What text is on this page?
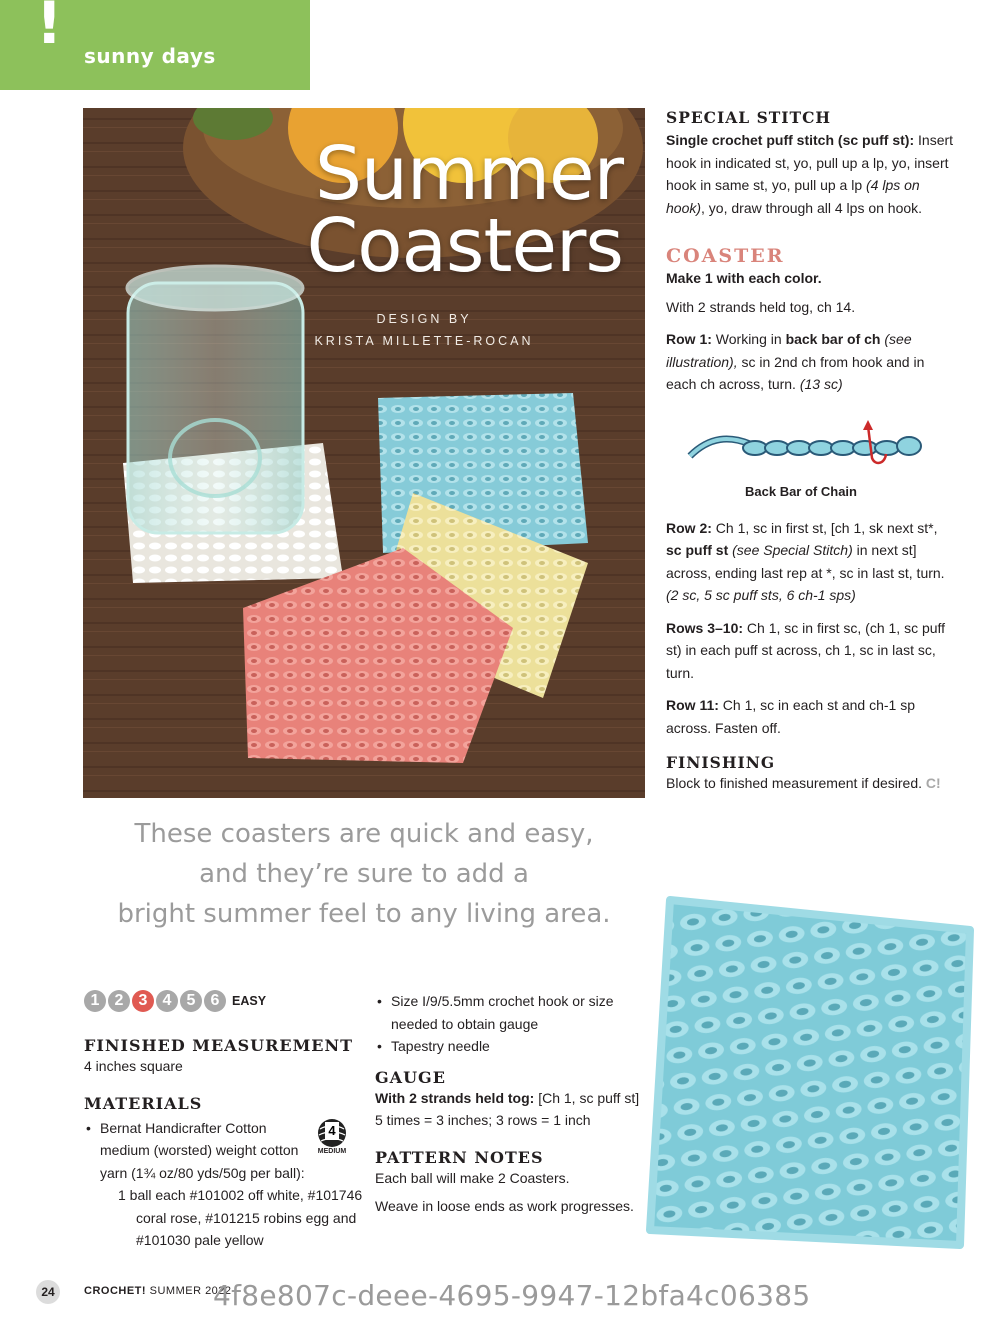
! sunny days
Summer
Coasters
DESIGN BY
KRISTA MILLETTE-ROCAN
These coasters are quick and easy,
and they’re sure to add a
bright summer feel to any living area.
SPECIAL STITCH
Single crochet puff stitch (sc puff st): Insert hook in indicated st, yo, pull up a lp, yo, insert hook in same st, yo, pull up a lp (4 lps on hook), yo, draw through all 4 lps on hook.
COASTER
Make 1 with each color.
With 2 strands held tog, ch 14.
Row 1: Working in back bar of ch (see illustration), sc in 2nd ch from hook and in each ch across, turn. (13 sc)
Back Bar of Chain
Row 2: Ch 1, sc in first st, [ch 1, sk next st*, sc puff st (see Special Stitch) in next st] across, ending last rep at *, sc in last st, turn. (2 sc, 5 sc puff sts, 6 ch-1 sps)
Rows 3–10: Ch 1, sc in first sc, (ch 1, sc puff st) in each puff st across, ch 1, sc in last sc, turn.
Row 11: Ch 1, sc in each st and ch-1 sp across. Fasten off.
FINISHING
Block to finished measurement if desired. C!
1 2 3 4 5 6 EASY
FINISHED MEASUREMENT
4 inches square
MATERIALS
• Bernat Handicrafter Cotton medium (worsted) weight cotton yarn (1¾ oz/80 yds/50g per ball):
1 ball each #101002 off white, #101746 coral rose, #101215 robins egg and #101030 pale yellow
4
MEDIUM
• Size I/9/5.5mm crochet hook or size needed to obtain gauge
• Tapestry needle
GAUGE
With 2 strands held tog: [Ch 1, sc puff st] 5 times = 3 inches; 3 rows = 1 inch
PATTERN NOTES
Each ball will make 2 Coasters.
Weave in loose ends as work progresses.
24	CROCHET! SUMMER 2022
4f8e807c-deee-4695-9947-12bfa4c06385
